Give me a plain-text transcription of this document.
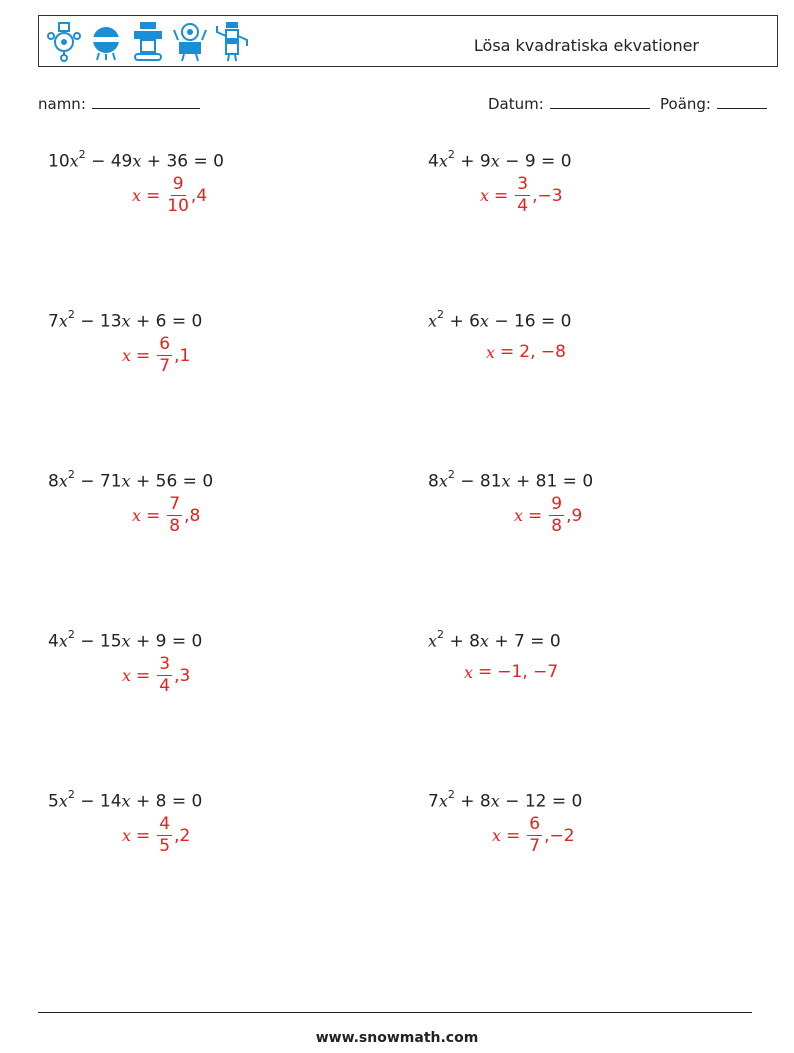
Lösa kvadratiska ekvationer
namn:	Datum:	Poäng:
$10x^2 - 49x + 36 = 0$
$x = \frac{9}{10} ,4$
$4x^2 + 9x - 9 = 0$
$x = \frac{3}{4} ,-3$
$7x^2 - 13x + 6 = 0$
$x = \frac{6}{7} ,1$
$x^2 + 6x - 16 = 0$
x = 2, −8
$8x^2 - 71x + 56 = 0$
$x = \frac{7}{8} ,8$
$8x^2 - 81x + 81 = 0$
$x = \frac{9}{8} ,9$
$4x^2 - 15x + 9 = 0$
$x = \frac{3}{4} ,3$
$x^2 + 8x + 7 = 0$
x = −1, −7
$5x^2 - 14x + 8 = 0$
$x = \frac{4}{5} ,2$
$7x^2 + 8x - 12 = 0$
$x = \frac{6}{7} ,-2$
www.snowmath.com
